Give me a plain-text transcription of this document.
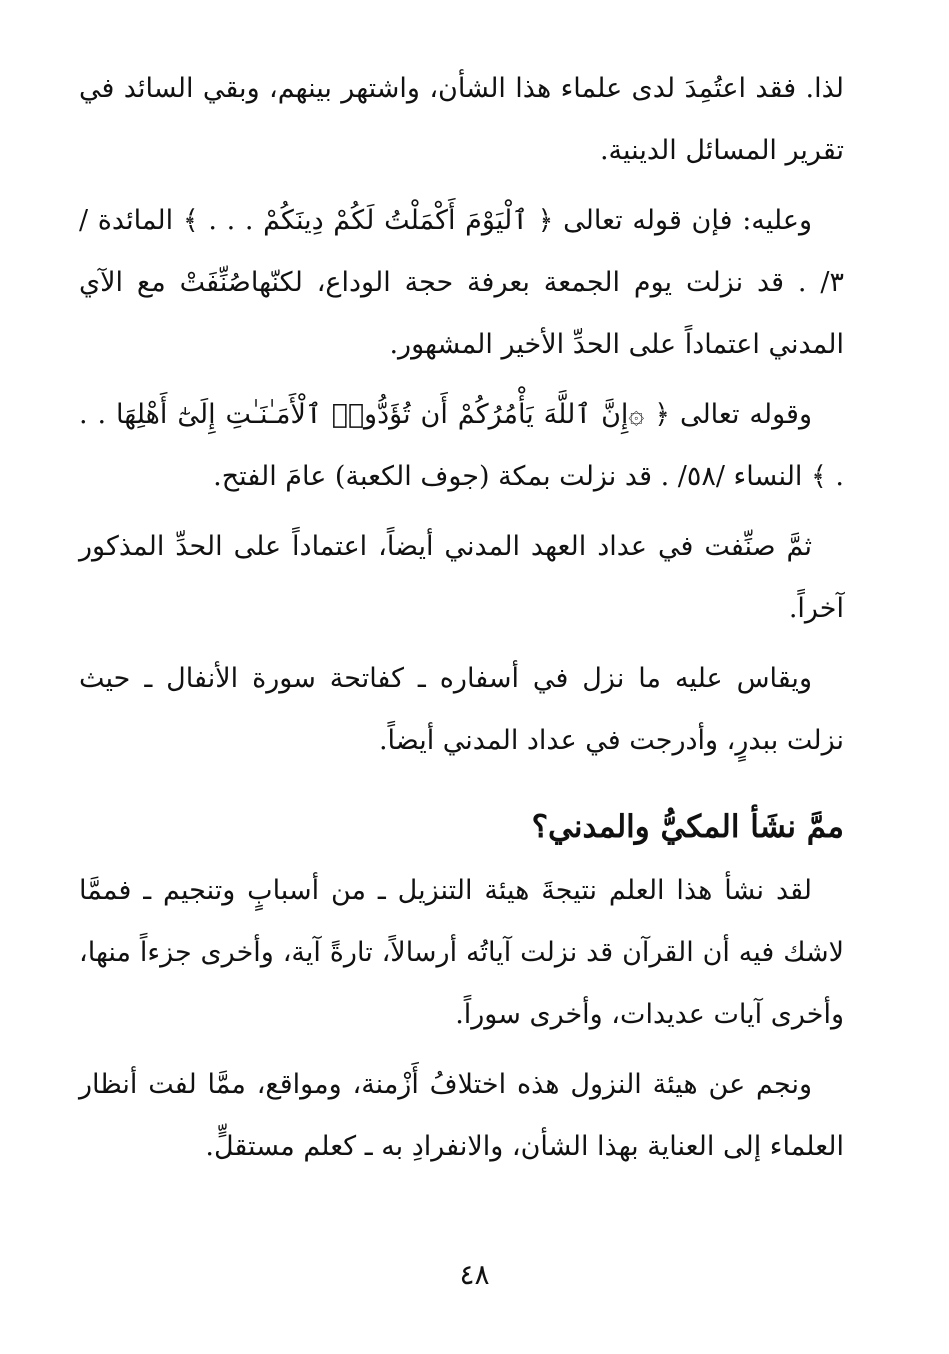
لذا. فقد اعتُمِدَ لدى علماء هذا الشأن، واشتهر بينهم، وبقي السائد في تقرير المسائل الدينية.

وعليه: فإن قوله تعالى ﴿ ٱلْيَوْمَ أَكْمَلْتُ لَكُمْ دِينَكُمْ . . . ﴾ المائدة /٣/ . قد نزلت يوم الجمعة بعرفة حجة الوداع، لكنّهاصُنِّفَتْ مع الآي المدني اعتماداً على الحدِّ الأخير المشهور.

وقوله تعالى ﴿ ۞إِنَّ ٱللَّهَ يَأْمُرُكُمْ أَن تُؤَدُّوا۟ ٱلْأَمَـٰنَـٰتِ إِلَىٰٓ أَهْلِهَا . . . ﴾ النساء /٥٨/ . قد نزلت بمكة (جوف الكعبة) عامَ الفتح.

ثمَّ صنِّفت في عداد العهد المدني أيضاً، اعتماداً على الحدِّ المذكور آخراً.

ويقاس عليه ما نزل في أسفاره ـ كفاتحة سورة الأنفال ـ حيث نزلت ببدرٍ، وأدرجت في عداد المدني أيضاً.

ممَّ نشَأ المكيُّ والمدني؟

لقد نشأ هذا العلم نتيجةَ هيئة التنزيل ـ من أسبابٍ وتنجيم ـ فممَّا لاشك فيه أن القرآن قد نزلت آياتُه أرسالاً، تارةً آية، وأخرى جزءاً منها، وأخرى آيات عديدات، وأخرى سوراً.

ونجم عن هيئة النزول هذه اختلافُ أَزْمنة، ومواقع، ممَّا لفت أنظار العلماء إلى العناية بهذا الشأن، والانفرادِ به ـ كعلم مستقلٍّ.

٤٨
